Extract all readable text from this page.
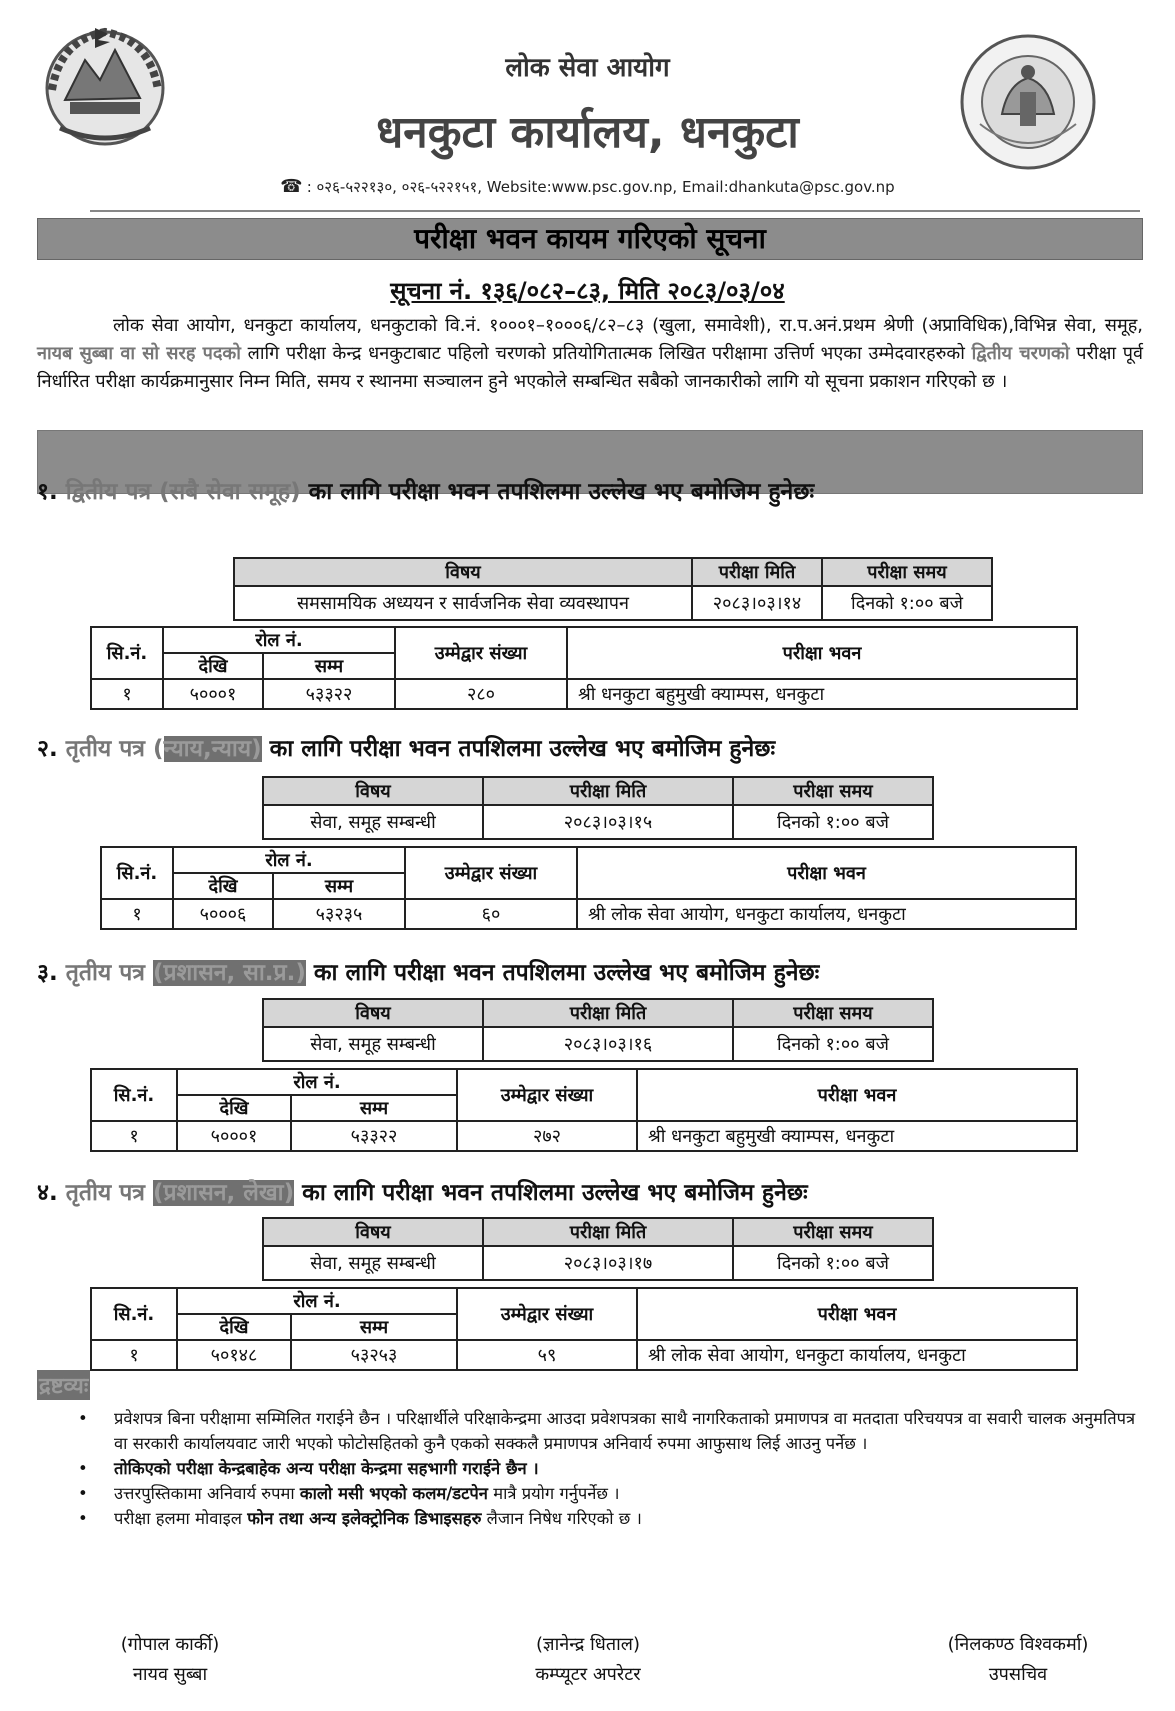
लोक सेवा आयोग
धनकुटा कार्यालय, धनकुटा
☎ : ०२६-५२२१३०, ०२६-५२२१५१, Website:www.psc.gov.np, Email:dhankuta@psc.gov.np
परीक्षा भवन कायम गरिएको सूचना
सूचना नं. १३६/०८२–८३, मिति २०८३/०३/०४
लोक सेवा आयोग, धनकुटा कार्यालय, धनकुटाको वि.नं. १०००१–१०००६/८२–८३ (खुला, समावेशी), रा.प.अनं.प्रथम श्रेणी (अप्राविधिक),विभिन्न सेवा, समूह, नायब सुब्बा वा सो सरह पदको लागि परीक्षा केन्द्र धनकुटाबाट पहिलो चरणको प्रतियोगितात्मक लिखित परीक्षामा उत्तिर्ण भएका उम्मेदवारहरुको द्वितीय चरणको परीक्षा पूर्व निर्धारित परीक्षा कार्यक्रमानुसार निम्न मिति, समय र स्थानमा सञ्चालन हुने भएकोले सम्बन्धित सबैको जानकारीको लागि यो सूचना प्रकाशन गरिएको छ ।
१. द्वितीय पत्र (सबै सेवा समूह) का लागि परीक्षा भवन तपशिलमा उल्लेख भए बमोजिम हुनेछः
विषय	परीक्षा मिति	परीक्षा समय
समसामयिक अध्ययन र सार्वजनिक सेवा व्यवस्थापन	२०८३।०३।१४	दिनको १:०० बजे
सि.नं.	रोल नं.		उम्मेद्वार संख्या	परीक्षा भवन
	देखि	सम्म		
१	५०००१	५३३२२	२८०	श्री धनकुटा बहुमुखी क्याम्पस, धनकुटा
२. तृतीय पत्र (न्याय,न्याय) का लागि परीक्षा भवन तपशिलमा उल्लेख भए बमोजिम हुनेछः
विषय	परीक्षा मिति	परीक्षा समय
सेवा, समूह सम्बन्धी	२०८३।०३।१५	दिनको १:०० बजे
सि.नं.	रोल नं.		उम्मेद्वार संख्या	परीक्षा भवन
	देखि	सम्म		
१	५०००६	५३२३५	६०	श्री लोक सेवा आयोग, धनकुटा कार्यालय, धनकुटा
३. तृतीय पत्र (प्रशासन, सा.प्र.) का लागि परीक्षा भवन तपशिलमा उल्लेख भए बमोजिम हुनेछः
विषय	परीक्षा मिति	परीक्षा समय
सेवा, समूह सम्बन्धी	२०८३।०३।१६	दिनको १:०० बजे
सि.नं.	रोल नं.		उम्मेद्वार संख्या	परीक्षा भवन
	देखि	सम्म		
१	५०००१	५३३२२	२७२	श्री धनकुटा बहुमुखी क्याम्पस, धनकुटा
४. तृतीय पत्र (प्रशासन, लेखा) का लागि परीक्षा भवन तपशिलमा उल्लेख भए बमोजिम हुनेछः
विषय	परीक्षा मिति	परीक्षा समय
सेवा, समूह सम्बन्धी	२०८३।०३।१७	दिनको १:०० बजे
सि.नं.	रोल नं.		उम्मेद्वार संख्या	परीक्षा भवन
	देखि	सम्म		
१	५०१४८	५३२५३	५९	श्री लोक सेवा आयोग, धनकुटा कार्यालय, धनकुटा
द्रष्टव्यः
• प्रवेशपत्र बिना परीक्षामा सम्मिलित गराईने छैन । परिक्षार्थीले परिक्षाकेन्द्रमा आउदा प्रवेशपत्रका साथै नागरिकताको प्रमाणपत्र वा मतदाता परिचयपत्र वा सवारी चालक अनुमतिपत्र वा सरकारी कार्यालयवाट जारी भएको फोटोसहितको कुनै एकको सक्कलै प्रमाणपत्र अनिवार्य रुपमा आफुसाथ लिई आउनु पर्नेछ ।
• तोकिएको परीक्षा केन्द्रबाहेक अन्य परीक्षा केन्द्रमा सहभागी गराईने छैन ।
• उत्तरपुस्तिकामा अनिवार्य रुपमा कालो मसी भएको कलम/डटपेन मात्रै प्रयोग गर्नुपर्नेछ ।
• परीक्षा हलमा मोवाइल फोन तथा अन्य इलेक्ट्रोनिक डिभाइसहरु लैजान निषेध गरिएको छ ।
(गोपाल कार्की)
नायव सुब्बा
(ज्ञानेन्द्र धिताल)
कम्प्यूटर अपरेटर
(निलकण्ठ विश्वकर्मा)
उपसचिव
